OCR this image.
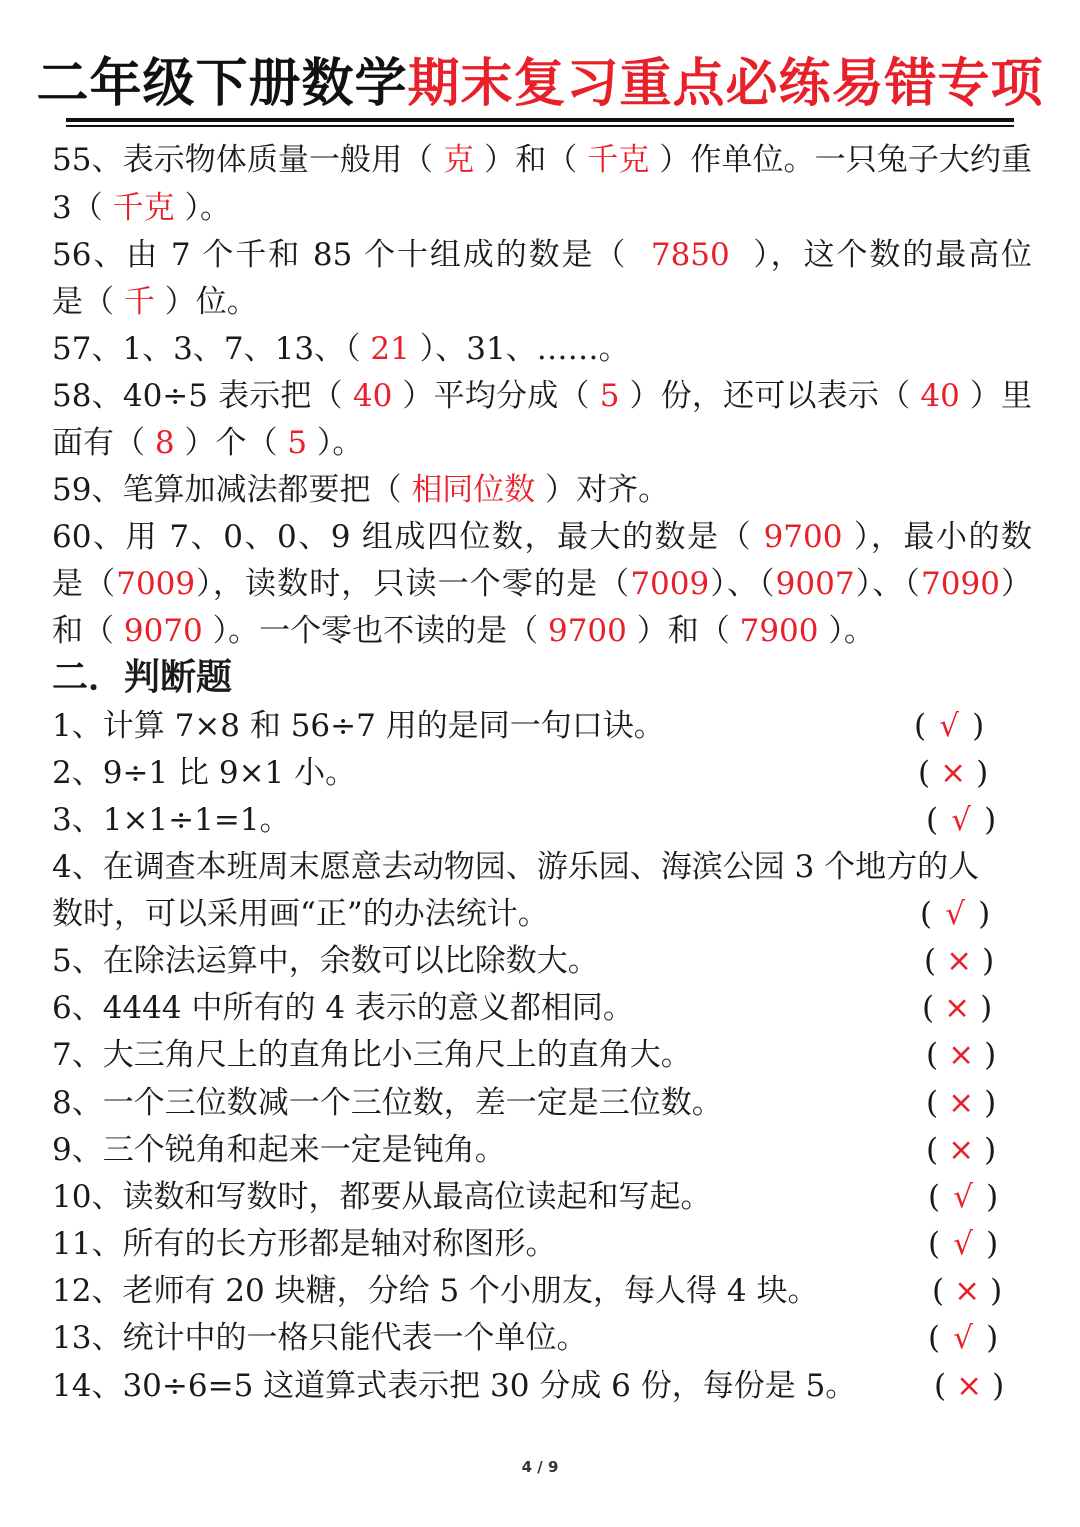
二年级下册数学期末复习重点必练易错专项
55、表示物体质量一般用（ 克 ）和（ 千克 ）作单位。一只兔子大约重
3（ 千克 ）。
56、由 7 个千和 85 个十组成的数是（ 7850 ），这个数的最高位
是（ 千 ）位。
57、1、3、7、13、（ 21 ）、31、……。
58、40÷5 表示把（ 40 ）平均分成（ 5 ）份，还可以表示（ 40 ）里
面有（ 8 ）个（ 5 ）。
59、笔算加减法都要把（ 相同位数 ）对齐。
60、用 7、0、0、9 组成四位数，最大的数是（ 9700 ），最小的数
是（7009），读数时，只读一个零的是（7009）、（9007）、（7090）
和（ 9070 ）。一个零也不读的是（ 9700 ）和（ 7900 ）。
二．判断题
1、计算 7×8 和 56÷7 用的是同一句口诀。	( √ )
2、9÷1 比 9×1 小。	( × )
3、1×1÷1=1。	( √ )
4、在调查本班周末愿意去动物园、游乐园、海滨公园 3 个地方的人
数时，可以采用画“正”的办法统计。	( √ )
5、在除法运算中，余数可以比除数大。	( × )
6、4444 中所有的 4 表示的意义都相同。	( × )
7、大三角尺上的直角比小三角尺上的直角大。	( × )
8、一个三位数减一个三位数，差一定是三位数。	( × )
9、三个锐角和起来一定是钝角。	( × )
10、读数和写数时，都要从最高位读起和写起。	( √ )
11、所有的长方形都是轴对称图形。	( √ )
12、老师有 20 块糖，分给 5 个小朋友，每人得 4 块。	( × )
13、统计中的一格只能代表一个单位。	( √ )
14、30÷6=5 这道算式表示把 30 分成 6 份，每份是 5。	( × )
4 / 9
